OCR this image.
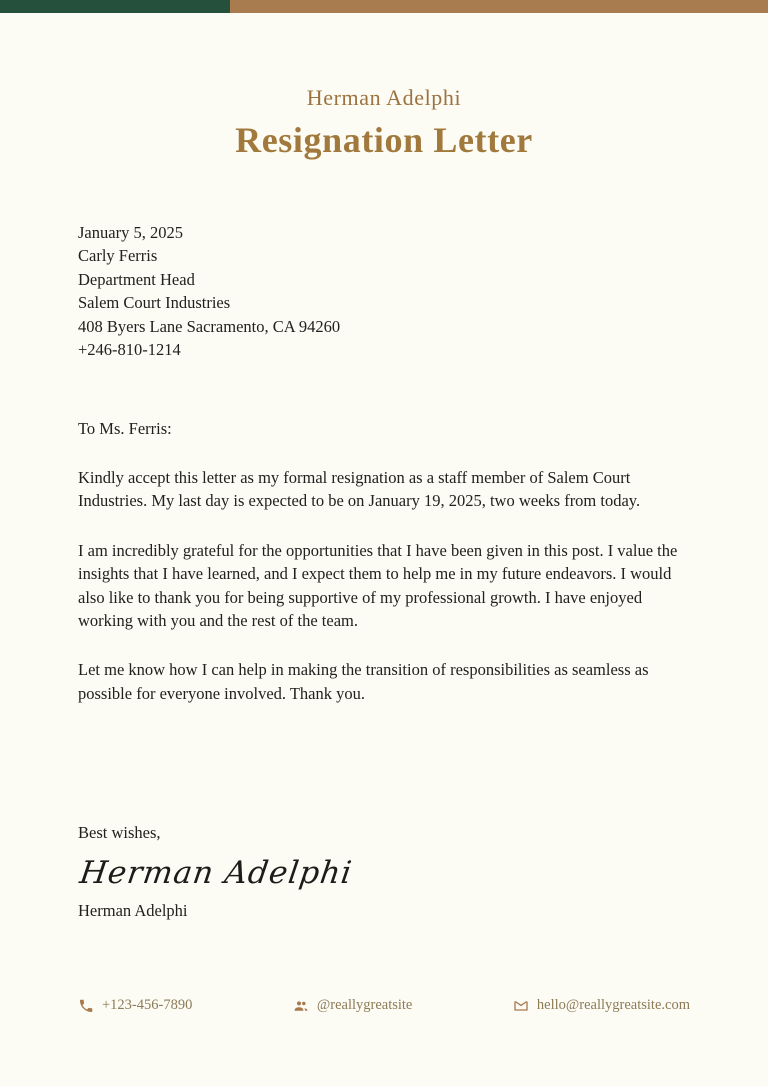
Herman Adelphi
Resignation Letter
January 5, 2025
Carly Ferris
Department Head
Salem Court Industries
408 Byers Lane Sacramento, CA 94260
+246-810-1214
To Ms. Ferris:

Kindly accept this letter as my formal resignation as a staff member of Salem Court Industries. My last day is expected to be on January 19, 2025, two weeks from today.

I am incredibly grateful for the opportunities that I have been given in this post. I value the insights that I have learned, and I expect them to help me in my future endeavors. I would also like to thank you for being supportive of my professional growth. I have enjoyed working with you and the rest of the team.

Let me know how I can help in making the transition of responsibilities as seamless as possible for everyone involved. Thank you.

Best wishes,
Herman Adelphi
Herman Adelphi
+123-456-7890	@reallygreatsite	hello@reallygreatsite.com
